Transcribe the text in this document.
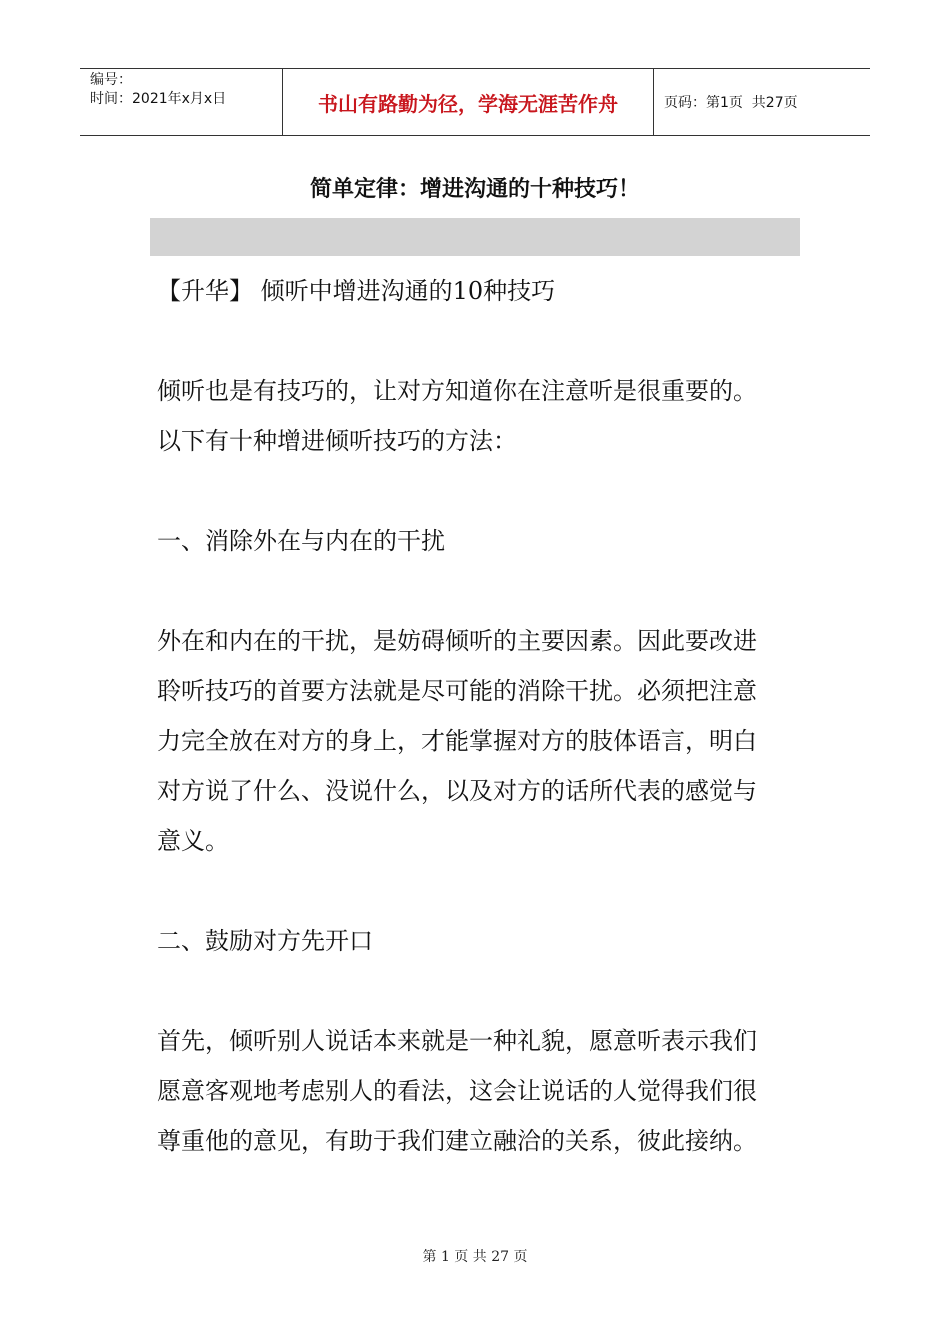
编号：
时间：2021年x月x日	书山有路勤为径，学海无涯苦作舟	页码：第1页  共27页
简单定律：增进沟通的十种技巧！

【升华】 倾听中增进沟通的10种技巧

倾听也是有技巧的，让对方知道你在注意听是很重要的。以下有十种增进倾听技巧的方法：

一、消除外在与内在的干扰

外在和内在的干扰，是妨碍倾听的主要因素。因此要改进聆听技巧的首要方法就是尽可能的消除干扰。必须把注意力完全放在对方的身上，才能掌握对方的肢体语言，明白对方说了什么、没说什么，以及对方的话所代表的感觉与意义。

二、鼓励对方先开口

首先，倾听别人说话本来就是一种礼貌，愿意听表示我们愿意客观地考虑别人的看法，这会让说话的人觉得我们很尊重他的意见，有助于我们建立融洽的关系，彼此接纳。

第 1 页 共 27 页
